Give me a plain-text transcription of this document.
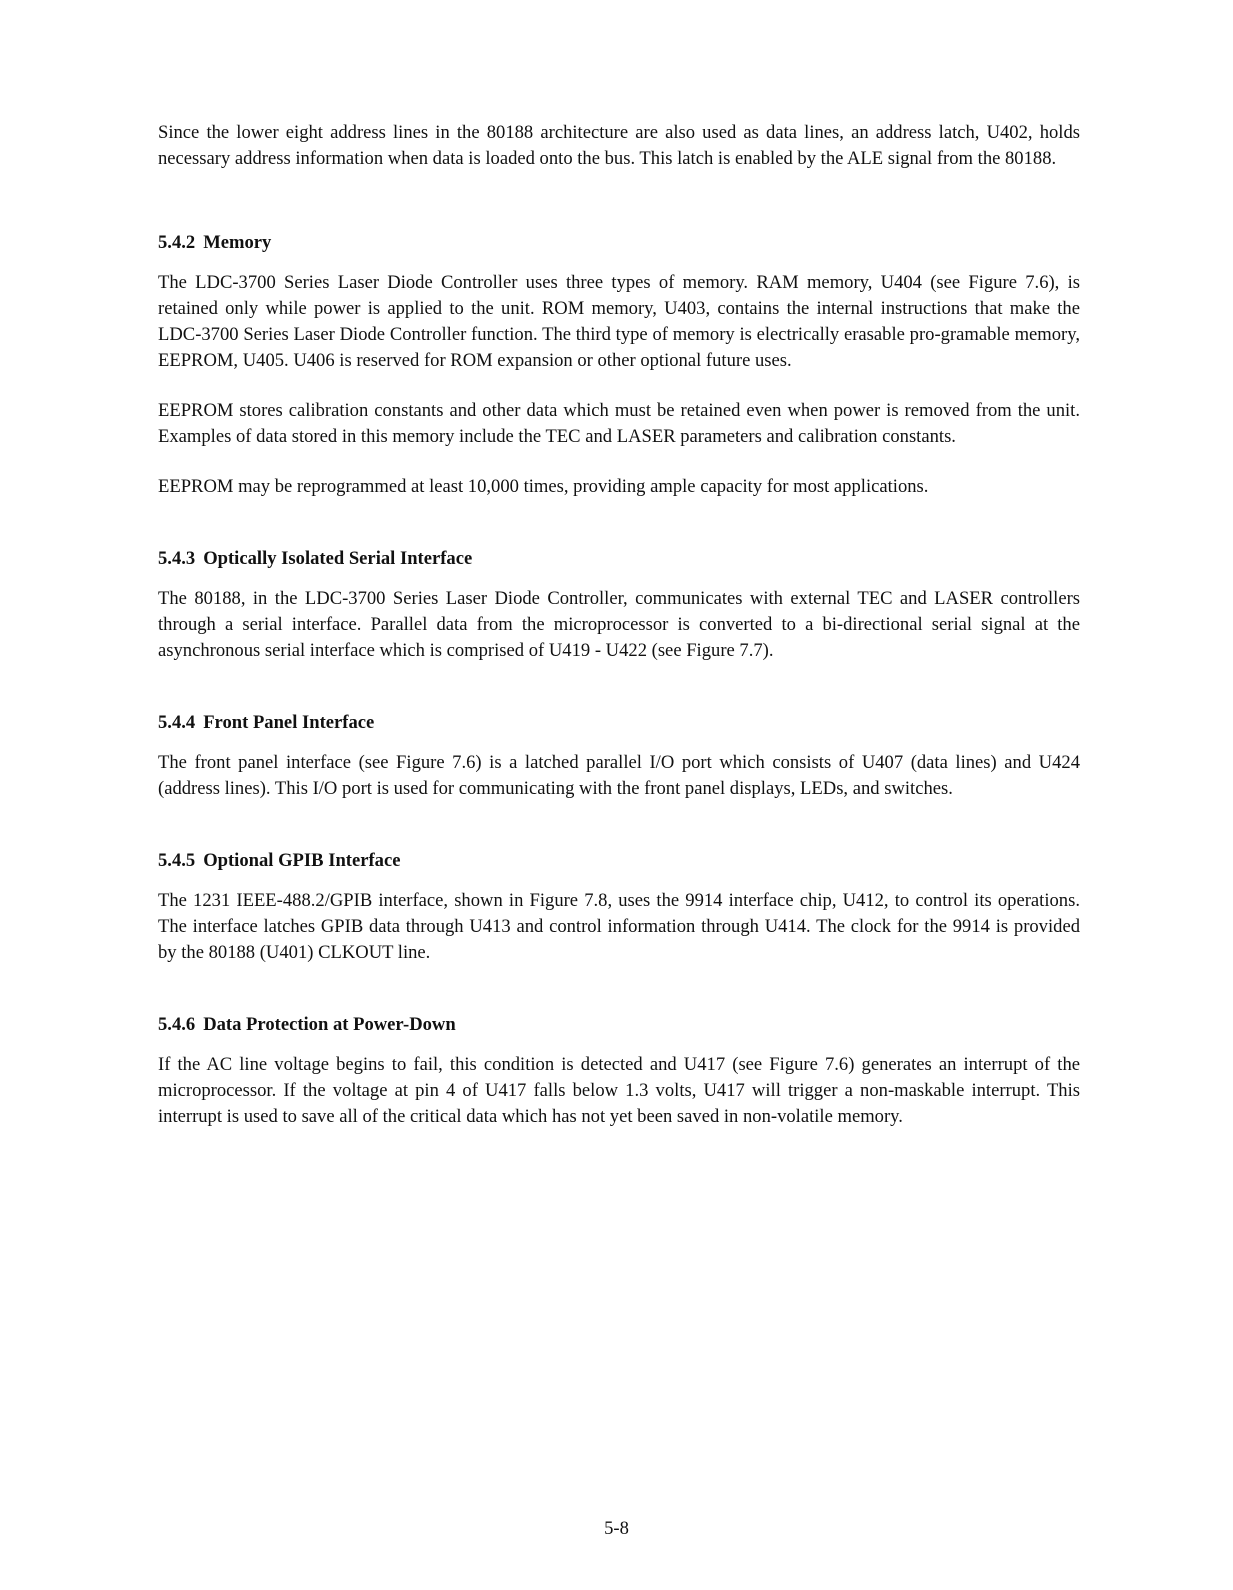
Since the lower eight address lines in the 80188 architecture are also used as data lines, an address latch, U402, holds necessary address information when data is loaded onto the bus. This latch is enabled by the ALE signal from the 80188.

5.4.2 Memory

The LDC-3700 Series Laser Diode Controller uses three types of memory. RAM memory, U404 (see Figure 7.6), is retained only while power is applied to the unit. ROM memory, U403, contains the internal instructions that make the LDC-3700 Series Laser Diode Controller function. The third type of memory is electrically erasable pro-gramable memory, EEPROM, U405. U406 is reserved for ROM expansion or other optional future uses.

EEPROM stores calibration constants and other data which must be retained even when power is removed from the unit. Examples of data stored in this memory include the TEC and LASER parameters and calibration constants.

EEPROM may be reprogrammed at least 10,000 times, providing ample capacity for most applications.

5.4.3 Optically Isolated Serial Interface

The 80188, in the LDC-3700 Series Laser Diode Controller, communicates with external TEC and LASER controllers through a serial interface. Parallel data from the microprocessor is converted to a bi-directional serial signal at the asynchronous serial interface which is comprised of U419 - U422 (see Figure 7.7).

5.4.4 Front Panel Interface

The front panel interface (see Figure 7.6) is a latched parallel I/O port which consists of U407 (data lines) and U424 (address lines). This I/O port is used for communicating with the front panel displays, LEDs, and switches.

5.4.5 Optional GPIB Interface

The 1231 IEEE-488.2/GPIB interface, shown in Figure 7.8, uses the 9914 interface chip, U412, to control its operations. The interface latches GPIB data through U413 and control information through U414. The clock for the 9914 is provided by the 80188 (U401) CLKOUT line.

5.4.6 Data Protection at Power-Down

If the AC line voltage begins to fail, this condition is detected and U417 (see Figure 7.6) generates an interrupt of the microprocessor. If the voltage at pin 4 of U417 falls below 1.3 volts, U417 will trigger a non-maskable interrupt. This interrupt is used to save all of the critical data which has not yet been saved in non-volatile memory.

5-8
